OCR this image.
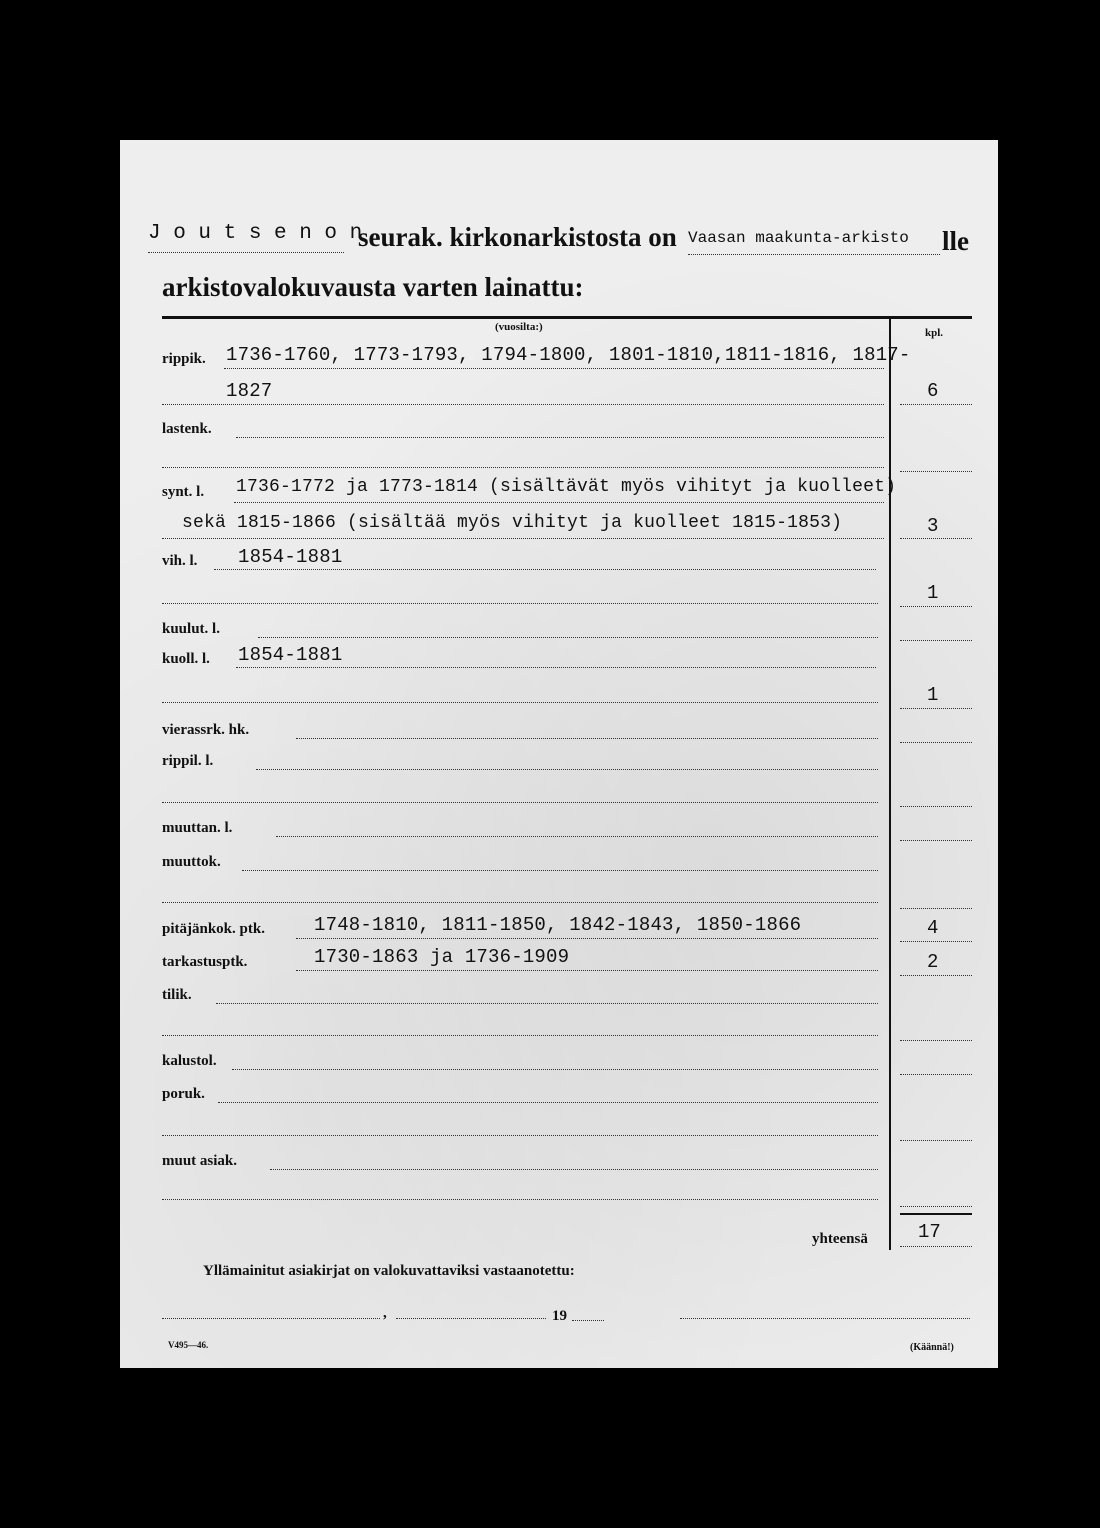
J o u t s e n o n
seurak. kirkonarkistosta on Vaasan maakunta-arkisto lle
arkistovalokuvausta varten lainattu:
(vuosilta:)	kpl.
rippik. 1736-1760, 1773-1793, 1794-1800, 1801-1810,1811-1816, 1817-
1827	6
lastenk.
synt. l. 1736-1772 ja 1773-1814 (sisältävät myös vihityt ja kuolleet)
sekä 1815-1866 (sisältää myös vihityt ja kuolleet 1815-1853)	3
vih. l. 1854-1881
1
kuulut. l.
kuoll. l. 1854-1881
1
vierassrk. hk.
rippil. l.
muuttan. l.
muuttok.
pitäjänkok. ptk.	1748-1810, 1811-1850, 1842-1843, 1850-1866	4
tarkastusptk.	1730-1863 ja 1736-1909	2
tilik.
kalustol.
poruk.
muut asiak.
yhteensä	17
Yllämainitut asiakirjat on valokuvattaviksi vastaanotettu:
,	19
V495—46.	(Käännä!)
